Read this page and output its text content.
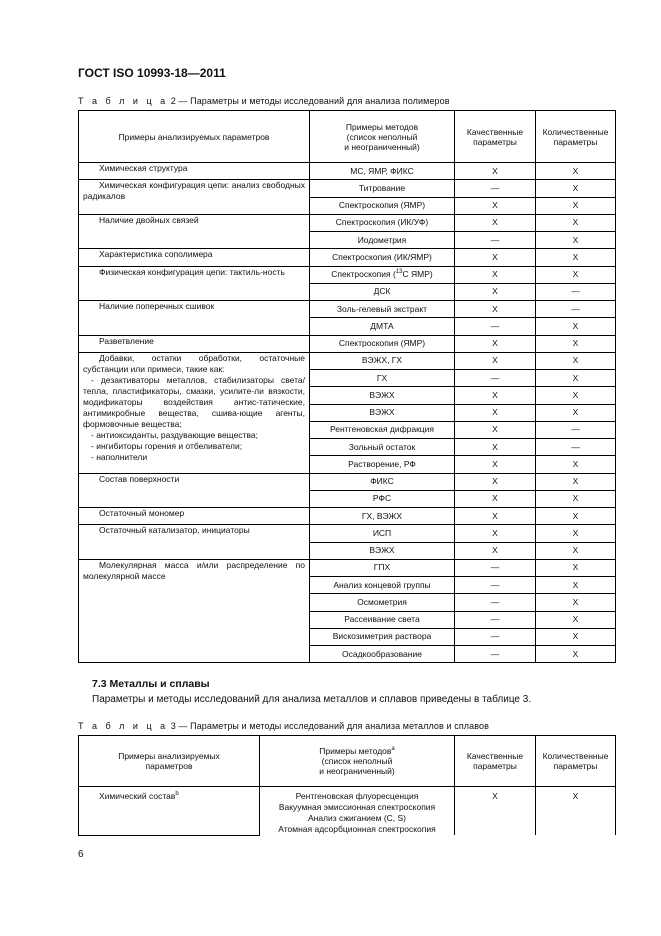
ГОСТ ISO 10993-18—2011
Т а б л и ц а 2 — Параметры и методы исследований для анализа полимеров
Примеры анализируемых параметров	Примеры методов
(список неполный
и неограниченный)	Качественные
параметры	Количественные
параметры

Химическая структура	МС, ЯМР, ФИКС	X	X

Химическая конфигурация цепи: анализ свободных радикалов	Титрование	—	X
	Спектроскопия (ЯМР)	X	X

Наличие двойных связей	Спектроскопия (ИК/УФ)	X	X
	Иодометрия	—	X

Характеристика сополимера	Спектроскопия (ИК/ЯМР)	X	X

Физическая конфигурация цепи: тактиль-ность	Спектроскопия ($^{13}$С ЯМР)	X	X
	ДСК	X	—

Наличие поперечных сшивок	Золь-гелевый экстракт	X	—
	ДМТА	—	X

Разветвление	Спектроскопия (ЯМР)	X	X

Добавки, остатки обработки, остаточные субстанции или примеси, такие как:
- дезактиваторы металлов, стабилизаторы света/тепла, пластификаторы, смазки, усилите-ли вязкости, модификаторы воздействия антис-татические, антимикробные вещества, сшива-ющие агенты, формовочные вещества;
- антиоксиданты, раздувающие вещества;
- ингибиторы горения и отбеливатели;
- наполнители	ВЭЖХ, ГХ	X	X
	ГХ	—	X
	ВЭЖХ	X	X
	ВЭЖХ	X	X
	Рентгеновская дифракция	X	—
	Зольный остаток	X	—
	Растворение, РФ	X	X

Состав поверхности	ФИКС	X	X
	РФС	X	X

Остаточный мономер	ГХ, ВЭЖХ	X	X

Остаточный катализатор, инициаторы	ИСП	X	X
	ВЭЖХ	X	X

Молекулярная масса и/или распределение по молекулярной массе	ГПХ	—	X
	Анализ концевой группы	—	X
	Осмометрия	—	X
	Рассеивание света	—	X
	Вискозиметрия раствора	—	X
	Осадкообразование	—	X
7.3 Металлы и сплавы
Параметры и методы исследований для анализа металлов и сплавов приведены в таблице 3.
Т а б л и ц а 3 — Параметры и методы исследований для анализа металлов и сплавов
Примеры анализируемых
параметров	Примеры методов$^a$
(список неполный
и неограниченный)	Качественные
параметры	Количественные
параметры
Химический состав$^b$	Рентгеновская флуоресценция
Вакуумная эмиссионная спектроскопия
Анализ сжиганием (С, S)
Атомная адсорбционная спектроскопия	X	X
6
